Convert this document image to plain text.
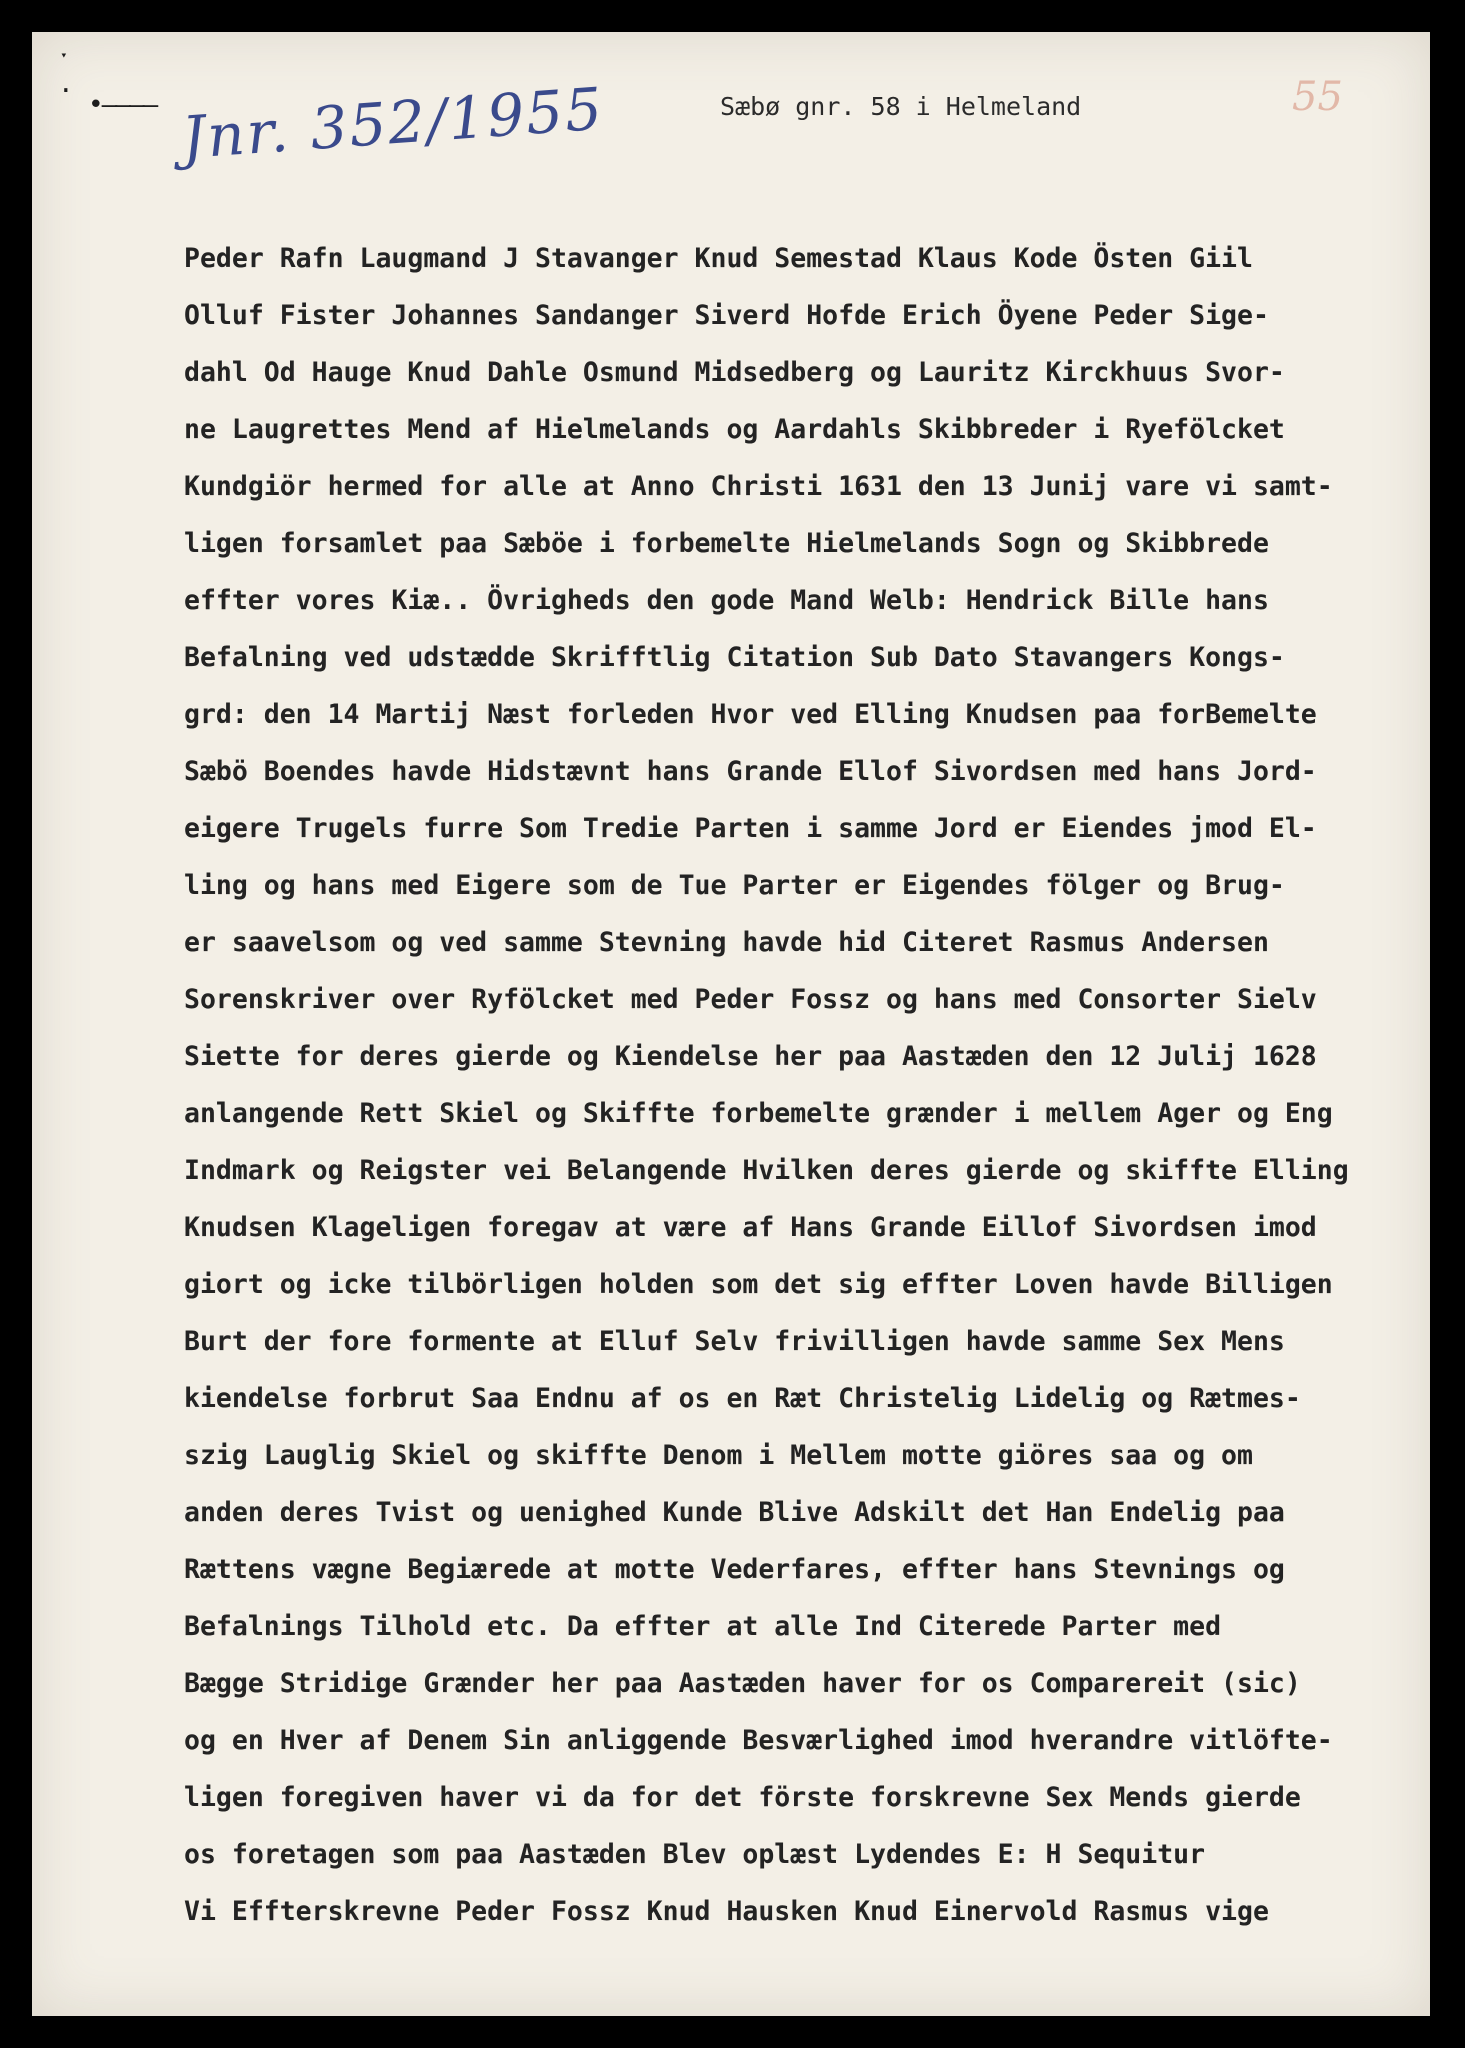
ˑ
· •–––– Jnr. 352/1955	Sæbø gnr. 58 i Helmeland	55
Peder Rafn Laugmand J Stavanger Knud Semestad Klaus Kode Östen Giil
Olluf Fister Johannes Sandanger Siverd Hofde Erich Öyene Peder Sige-
dahl Od Hauge Knud Dahle Osmund Midsedberg og Lauritz Kirckhuus Svor-
ne Laugrettes Mend af Hielmelands og Aardahls Skibbreder i Ryefölcket
Kundgiör hermed for alle at Anno Christi 1631 den 13 Junij vare vi samt-
ligen forsamlet paa Sæböe i forbemelte Hielmelands Sogn og Skibbrede
effter vores Kiæ.. Övrigheds den gode Mand Welb: Hendrick Bille hans
Befalning ved udstædde Skrifftlig Citation Sub Dato Stavangers Kongs-
grd: den 14 Martij Næst forleden Hvor ved Elling Knudsen paa forBemelte
Sæbö Boendes havde Hidstævnt hans Grande Ellof Sivordsen med hans Jord-
eigere Trugels furre Som Tredie Parten i samme Jord er Eiendes jmod El-
ling og hans med Eigere som de Tue Parter er Eigendes fölger og Brug-
er saavelsom og ved samme Stevning havde hid Citeret Rasmus Andersen
Sorenskriver over Ryfölcket med Peder Fossz og hans med Consorter Sielv
Siette for deres gierde og Kiendelse her paa Aastæden den 12 Julij 1628
anlangende Rett Skiel og Skiffte forbemelte grænder i mellem Ager og Eng
Indmark og Reigster vei Belangende Hvilken deres gierde og skiffte Elling
Knudsen Klageligen foregav at være af Hans Grande Eillof Sivordsen imod
giort og icke tilbörligen holden som det sig effter Loven havde Billigen
Burt der fore formente at Elluf Selv frivilligen havde samme Sex Mens
kiendelse forbrut Saa Endnu af os en Ræt Christelig Lidelig og Rætmes-
szig Lauglig Skiel og skiffte Denom i Mellem motte giöres saa og om
anden deres Tvist og uenighed Kunde Blive Adskilt det Han Endelig paa
Rættens vægne Begiærede at motte Vederfares, effter hans Stevnings og
Befalnings Tilhold etc. Da effter at alle Ind Citerede Parter med
Bægge Stridige Grænder her paa Aastæden haver for os Comparereit (sic)
og en Hver af Denem Sin anliggende Besværlighed imod hverandre vitlöfte-
ligen foregiven haver vi da for det förste forskrevne Sex Mends gierde
os foretagen som paa Aastæden Blev oplæst Lydendes E: H Sequitur
Vi Effterskrevne Peder Fossz Knud Hausken Knud Einervold Rasmus vige
